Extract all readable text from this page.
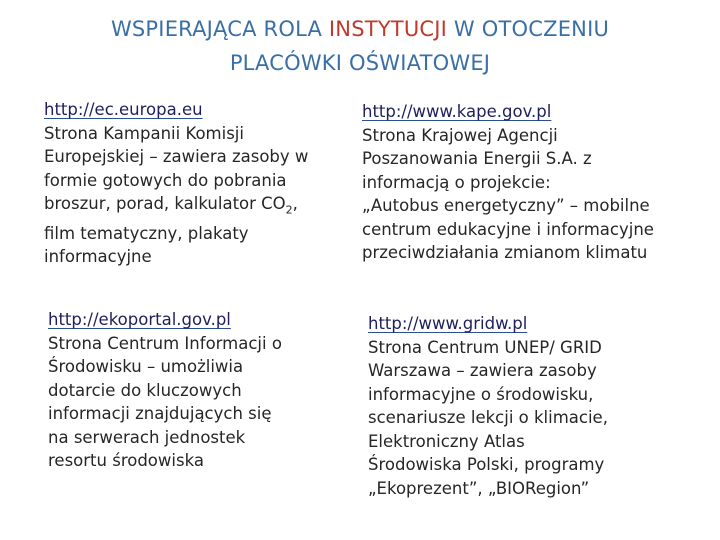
WSPIERAJĄCA ROLA INSTYTUCJI W OTOCZENIU
PLACÓWKI OŚWIATOWEJ
http://ec.europa.eu
Strona Kampanii Komisji
Europejskiej – zawiera zasoby w
formie gotowych do pobrania
broszur, porad, kalkulator $CO_2$,
film tematyczny, plakaty
informacyjne
http://www.kape.gov.pl
Strona Krajowej Agencji
Poszanowania Energii S.A. z
informacją o projekcie:
„Autobus energetyczny” – mobilne
centrum edukacyjne i informacyjne
przeciwdziałania zmianom klimatu
http://ekoportal.gov.pl
Strona Centrum Informacji o
Środowisku – umożliwia
dotarcie do kluczowych
informacji znajdujących się
na serwerach jednostek
resortu środowiska
http://www.gridw.pl
Strona Centrum UNEP/ GRID
Warszawa – zawiera zasoby
informacyjne o środowisku,
scenariusze lekcji o klimacie,
Elektroniczny Atlas
Środowiska Polski, programy
„Ekoprezent”, „BIORegion”
